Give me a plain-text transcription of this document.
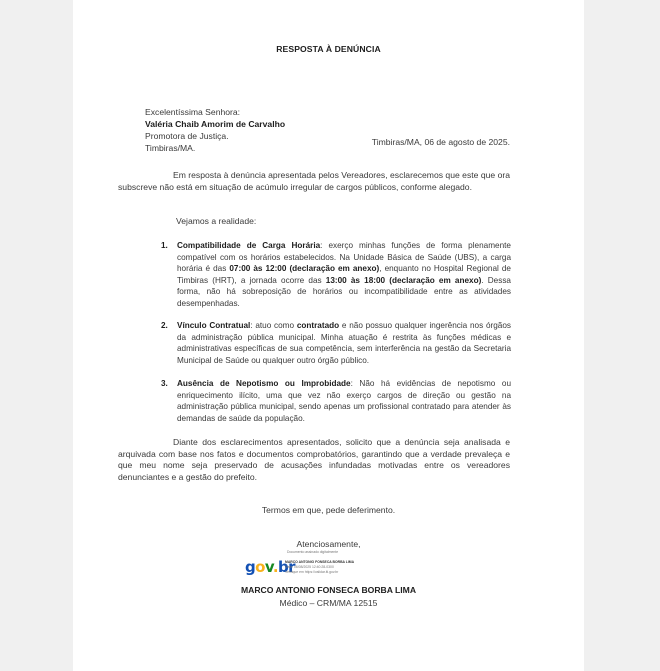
RESPOSTA À DENÚNCIA
Excelentíssima Senhora:
Valéria Chaib Amorim de Carvalho
Promotora de Justiça.
Timbiras/MA.
Timbiras/MA, 06 de agosto de 2025.
Em resposta à denúncia apresentada pelos Vereadores, esclarecemos que este que ora subscreve não está em situação de acúmulo irregular de cargos públicos, conforme alegado.
Vejamos a realidade:
1. Compatibilidade de Carga Horária: exerço minhas funções de forma plenamente compatível com os horários estabelecidos. Na Unidade Básica de Saúde (UBS), a carga horária é das 07:00 às 12:00 (declaração em anexo), enquanto no Hospital Regional de Timbiras (HRT), a jornada ocorre das 13:00 às 18:00 (declaração em anexo). Dessa forma, não há sobreposição de horários ou incompatibilidade entre as atividades desempenhadas.
2. Vínculo Contratual: atuo como contratado e não possuo qualquer ingerência nos órgãos da administração pública municipal. Minha atuação é restrita às funções médicas e administrativas específicas de sua competência, sem interferência na gestão da Secretaria Municipal de Saúde ou qualquer outro órgão público.
3. Ausência de Nepotismo ou Improbidade: Não há evidências de nepotismo ou enriquecimento ilícito, uma que vez não exerço cargos de direção ou gestão na administração pública municipal, sendo apenas um profissional contratado para atender às demandas de saúde da população.
Diante dos esclarecimentos apresentados, solicito que a denúncia seja analisada e arquivada com base nos fatos e documentos comprobatórios, garantindo que a verdade prevaleça e que meu nome seja preservado de acusações infundadas motivadas entre os vereadores denunciantes e a gestão do prefeito.
Termos em que, pede deferimento.
Atenciosamente,
gov.br
Documento assinado digitalmente
MARCO ANTONIO FONSECA BORBA LIMA
Data: 06/08/2025 12:40:28-0300
Verifique em https://validar.iti.gov.br
MARCO ANTONIO FONSECA BORBA LIMA
Médico – CRM/MA 12515
